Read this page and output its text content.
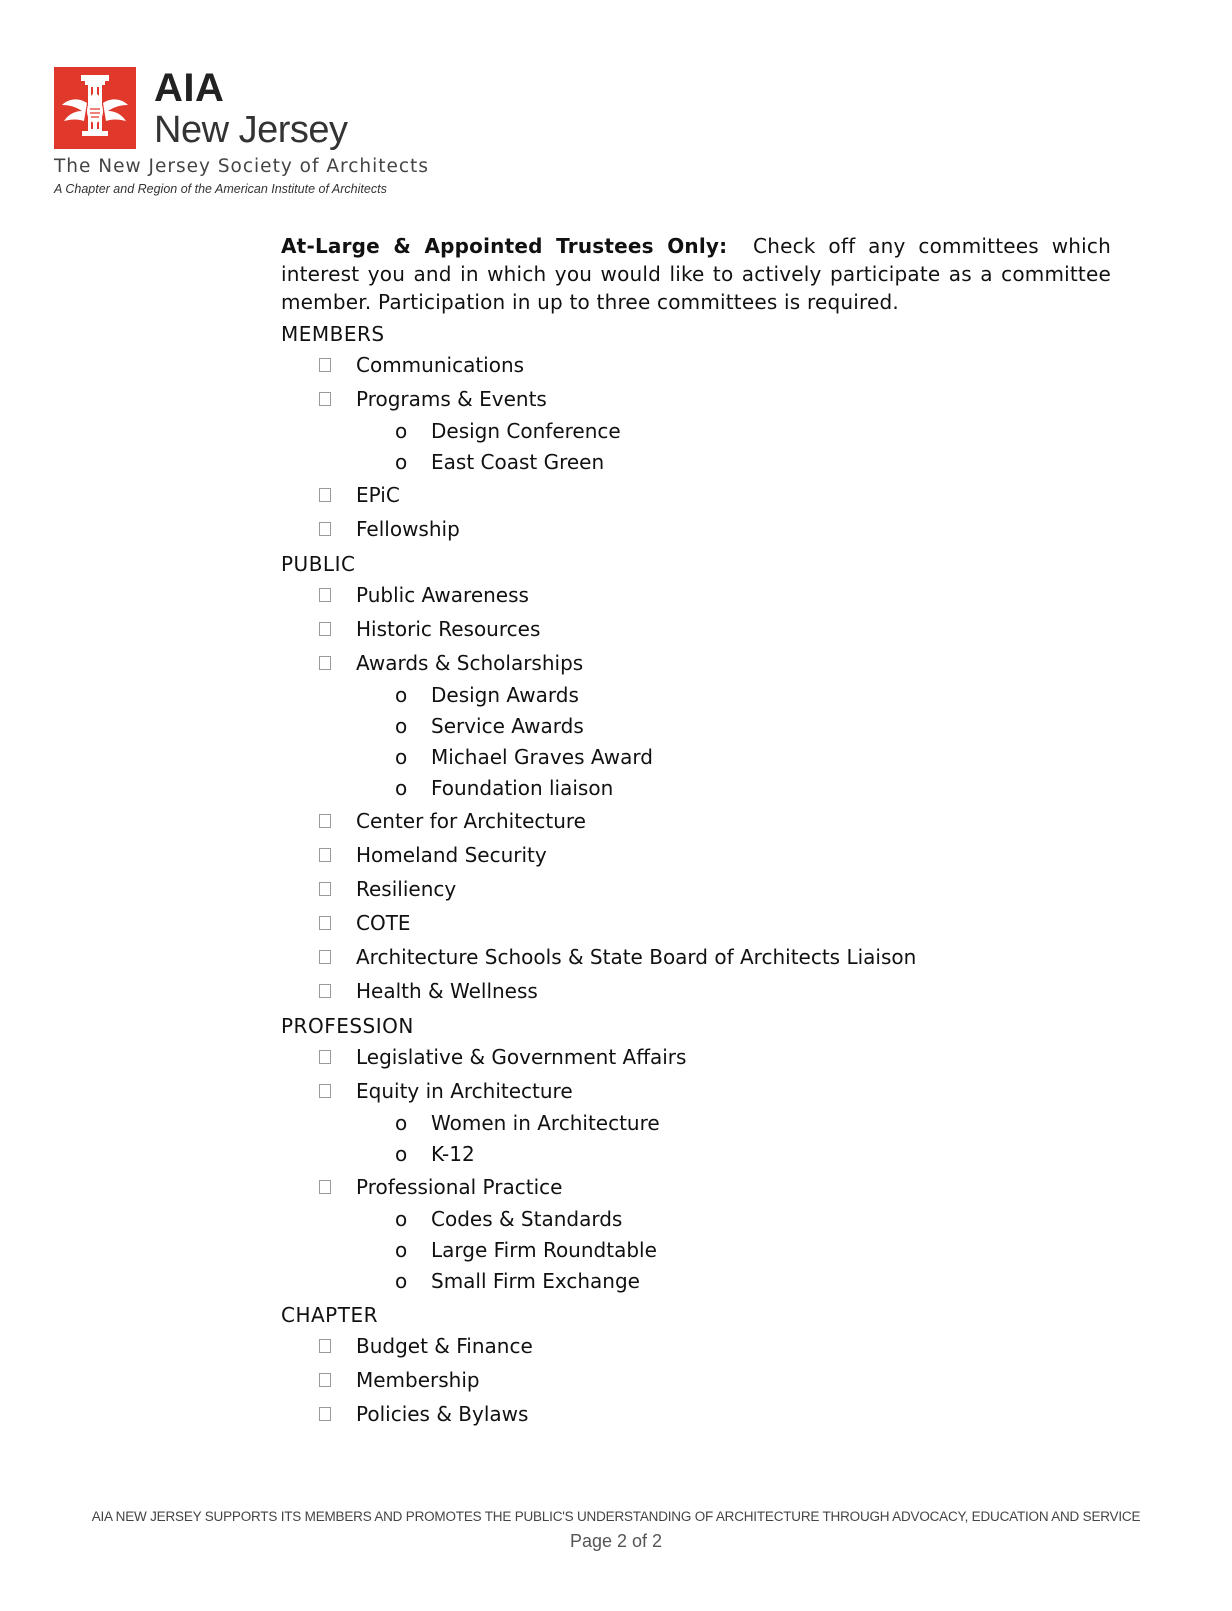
AIA
New Jersey
The New Jersey Society of Architects
A Chapter and Region of the American Institute of Architects

At-Large & Appointed Trustees Only: Check off any committees which interest you and in which you would like to actively participate as a committee member. Participation in up to three committees is required.

MEMBERS
Communications
Programs & Events
o Design Conference
o East Coast Green
EPiC
Fellowship
PUBLIC
Public Awareness
Historic Resources
Awards & Scholarships
o Design Awards
o Service Awards
o Michael Graves Award
o Foundation liaison
Center for Architecture
Homeland Security
Resiliency
COTE
Architecture Schools & State Board of Architects Liaison
Health & Wellness
PROFESSION
Legislative & Government Affairs
Equity in Architecture
o Women in Architecture
o K-12
Professional Practice
o Codes & Standards
o Large Firm Roundtable
o Small Firm Exchange
CHAPTER
Budget & Finance
Membership
Policies & Bylaws
AIA NEW JERSEY SUPPORTS ITS MEMBERS AND PROMOTES THE PUBLIC'S UNDERSTANDING OF ARCHITECTURE THROUGH ADVOCACY, EDUCATION AND SERVICE
Page 2 of 2
